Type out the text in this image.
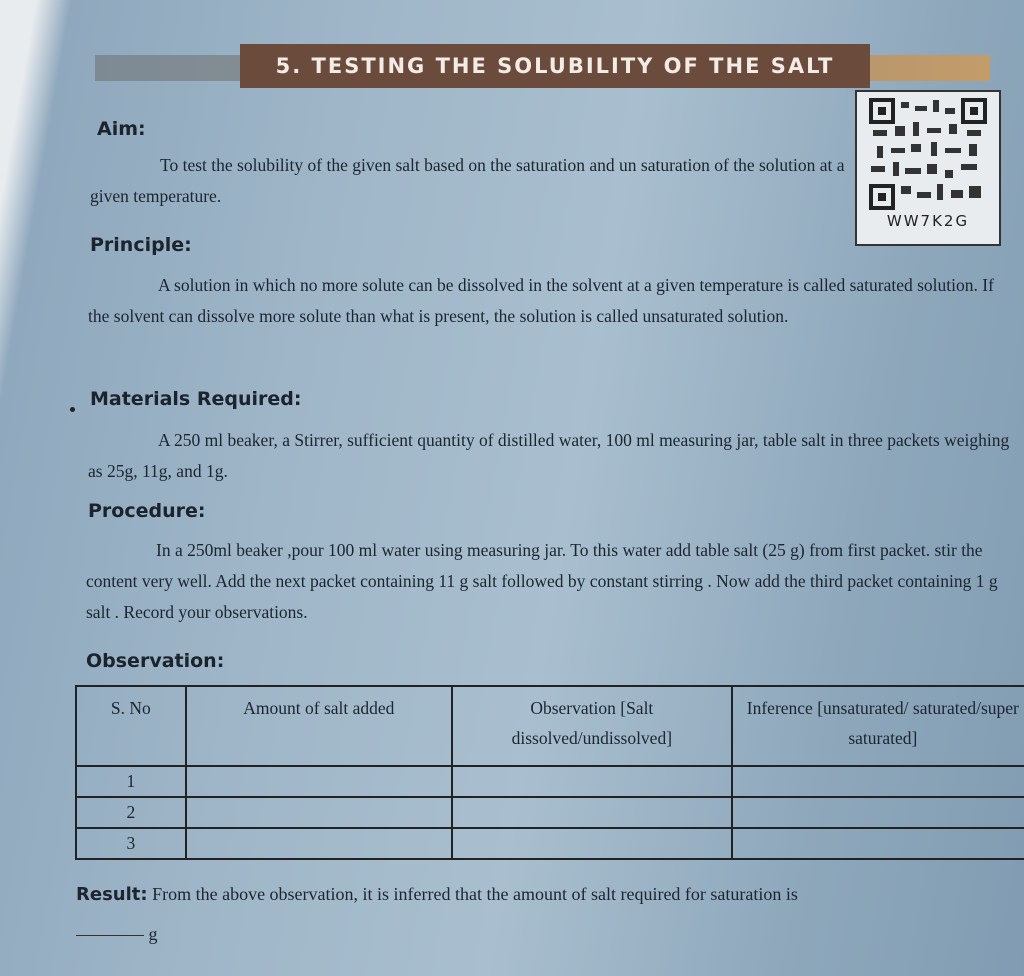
5. TESTING THE SOLUBILITY OF THE SALT
WW7K2G
Aim:

To test the solubility of the given salt based on the saturation and un saturation of the solution at a given temperature.

Principle:

A solution in which no more solute can be dissolved in the solvent at a given temperature is called saturated solution. If the solvent can dissolve more solute than what is present, the solution is called unsaturated solution.

Materials Required:

A 250 ml beaker, a Stirrer, sufficient quantity of distilled water, 100 ml measuring jar, table salt in three packets weighing as 25g, 11g, and 1g.

Procedure:

In a 250ml beaker ,pour 100 ml water using measuring jar. To this water add table salt (25 g) from first packet. stir the content very well. Add the next packet containing 11 g salt followed by constant stirring . Now add the third packet containing 1 g salt . Record your observations.

Observation:
S. No	Amount of salt added	Observation [Salt dissolved/undissolved]	Inference [unsaturated/ saturated/super saturated]
1			
2			
3			
Result: From the above observation, it is inferred that the amount of salt required for saturation is
g
